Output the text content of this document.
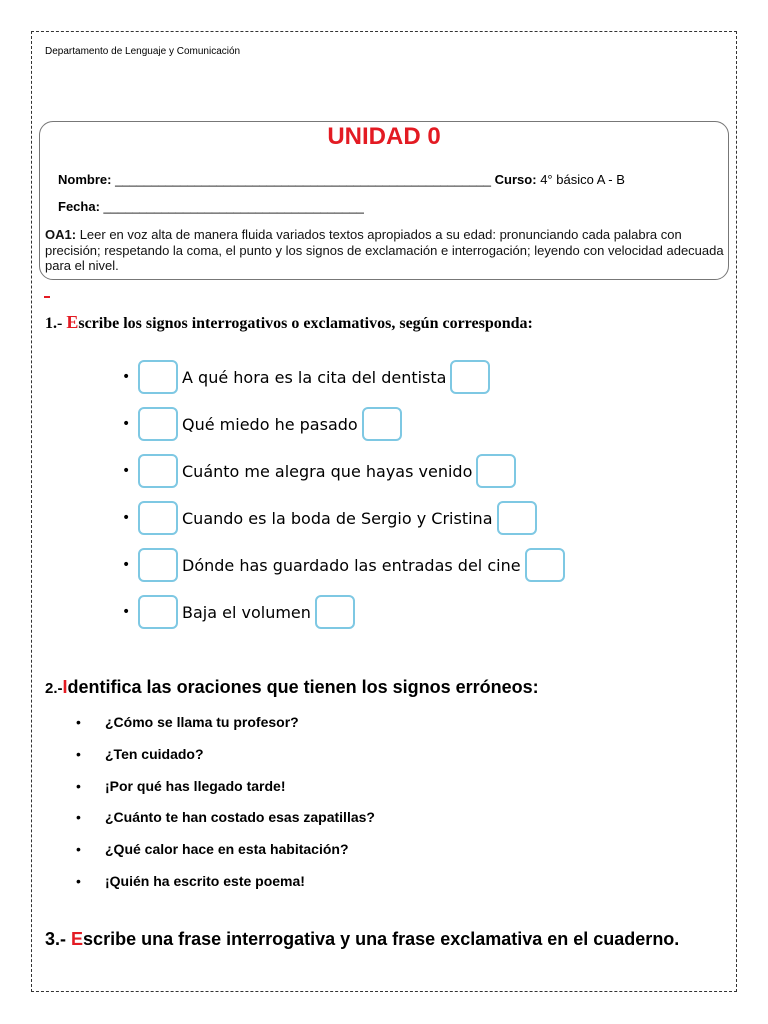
Departamento de Lenguaje y Comunicación
UNIDAD 0
Nombre: ____________________________________________________ Curso: 4° básico A - B
Fecha: ____________________________________
OA1: Leer en voz alta de manera fluida variados textos apropiados a su edad: pronunciando cada palabra con precisión; respetando la coma, el punto y los signos de exclamación e interrogación; leyendo con velocidad adecuada para el nivel.
1.- Escribe los signos interrogativos o exclamativos, según corresponda:
•	A qué hora es la cita del dentista
•	Qué miedo he pasado
•	Cuánto me alegra que hayas venido
•	Cuando es la boda de Sergio y Cristina
•	Dónde has guardado las entradas del cine
•	Baja el volumen
2.-Identifica las oraciones que tienen los signos erróneos:
• ¿Cómo se llama tu profesor?
• ¿Ten cuidado?
• ¡Por qué has llegado tarde!
• ¿Cuánto te han costado esas zapatillas?
• ¿Qué calor hace en esta habitación?
• ¡Quién ha escrito este poema!
3.- Escribe una frase interrogativa y una frase exclamativa en el cuaderno.
